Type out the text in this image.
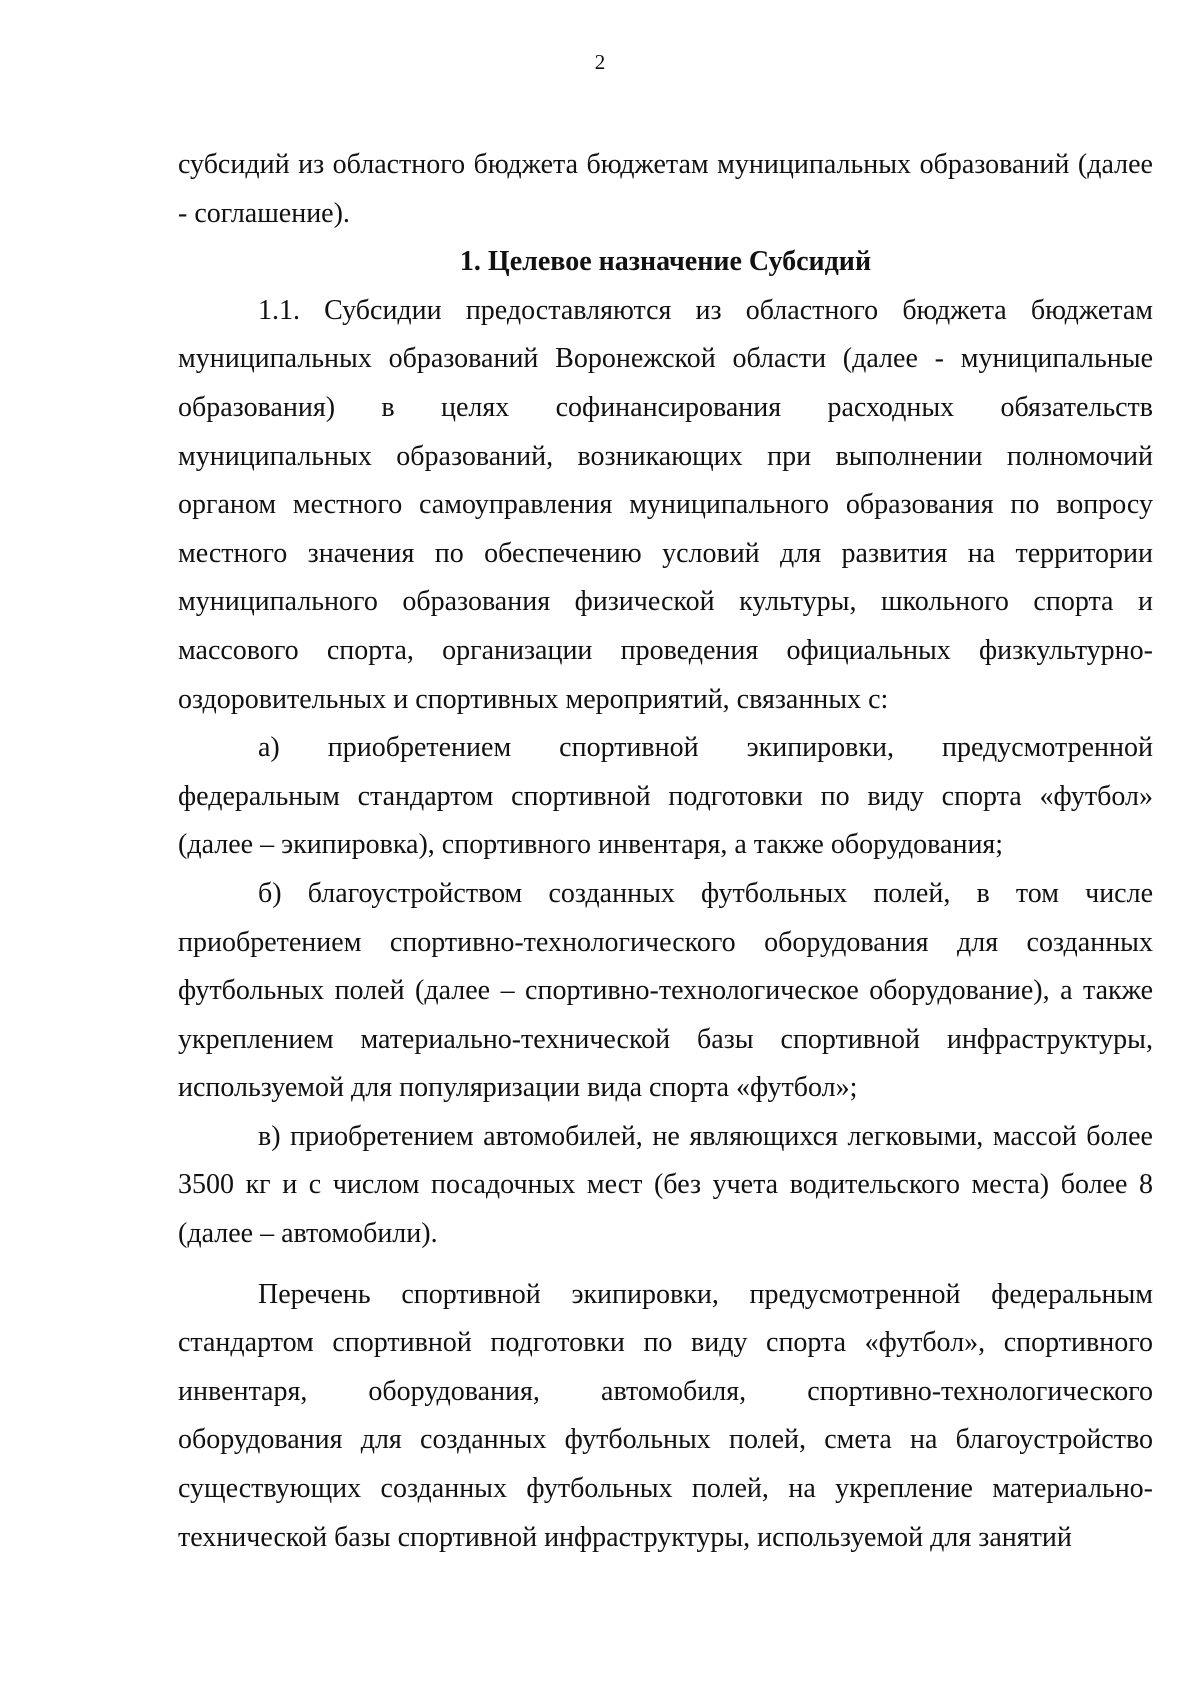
2

субсидий из областного бюджета бюджетам муниципальных образований (далее - соглашение).

1. Целевое назначение Субсидий

1.1. Субсидии предоставляются из областного бюджета бюджетам муниципальных образований Воронежской области (далее - муниципальные образования) в целях софинансирования расходных обязательств муниципальных образований, возникающих при выполнении полномочий органом местного самоуправления муниципального образования по вопросу местного значения по обеспечению условий для развития на территории муниципального образования физической культуры, школьного спорта и массового спорта, организации проведения официальных физкультурно-оздоровительных и спортивных мероприятий, связанных с:

а) приобретением спортивной экипировки, предусмотренной федеральным стандартом спортивной подготовки по виду спорта «футбол» (далее – экипировка), спортивного инвентаря, а также оборудования;

б) благоустройством созданных футбольных полей, в том числе приобретением спортивно-технологического оборудования для созданных футбольных полей (далее – спортивно-технологическое оборудование), а также укреплением материально-технической базы спортивной инфраструктуры, используемой для популяризации вида спорта «футбол»;

в) приобретением автомобилей, не являющихся легковыми, массой более 3500 кг и с числом посадочных мест (без учета водительского места) более 8 (далее – автомобили).

Перечень спортивной экипировки, предусмотренной федеральным стандартом спортивной подготовки по виду спорта «футбол», спортивного инвентаря, оборудования, автомобиля, спортивно-технологического оборудования для созданных футбольных полей, смета на благоустройство существующих созданных футбольных полей, на укрепление материально-технической базы спортивной инфраструктуры, используемой для занятий
